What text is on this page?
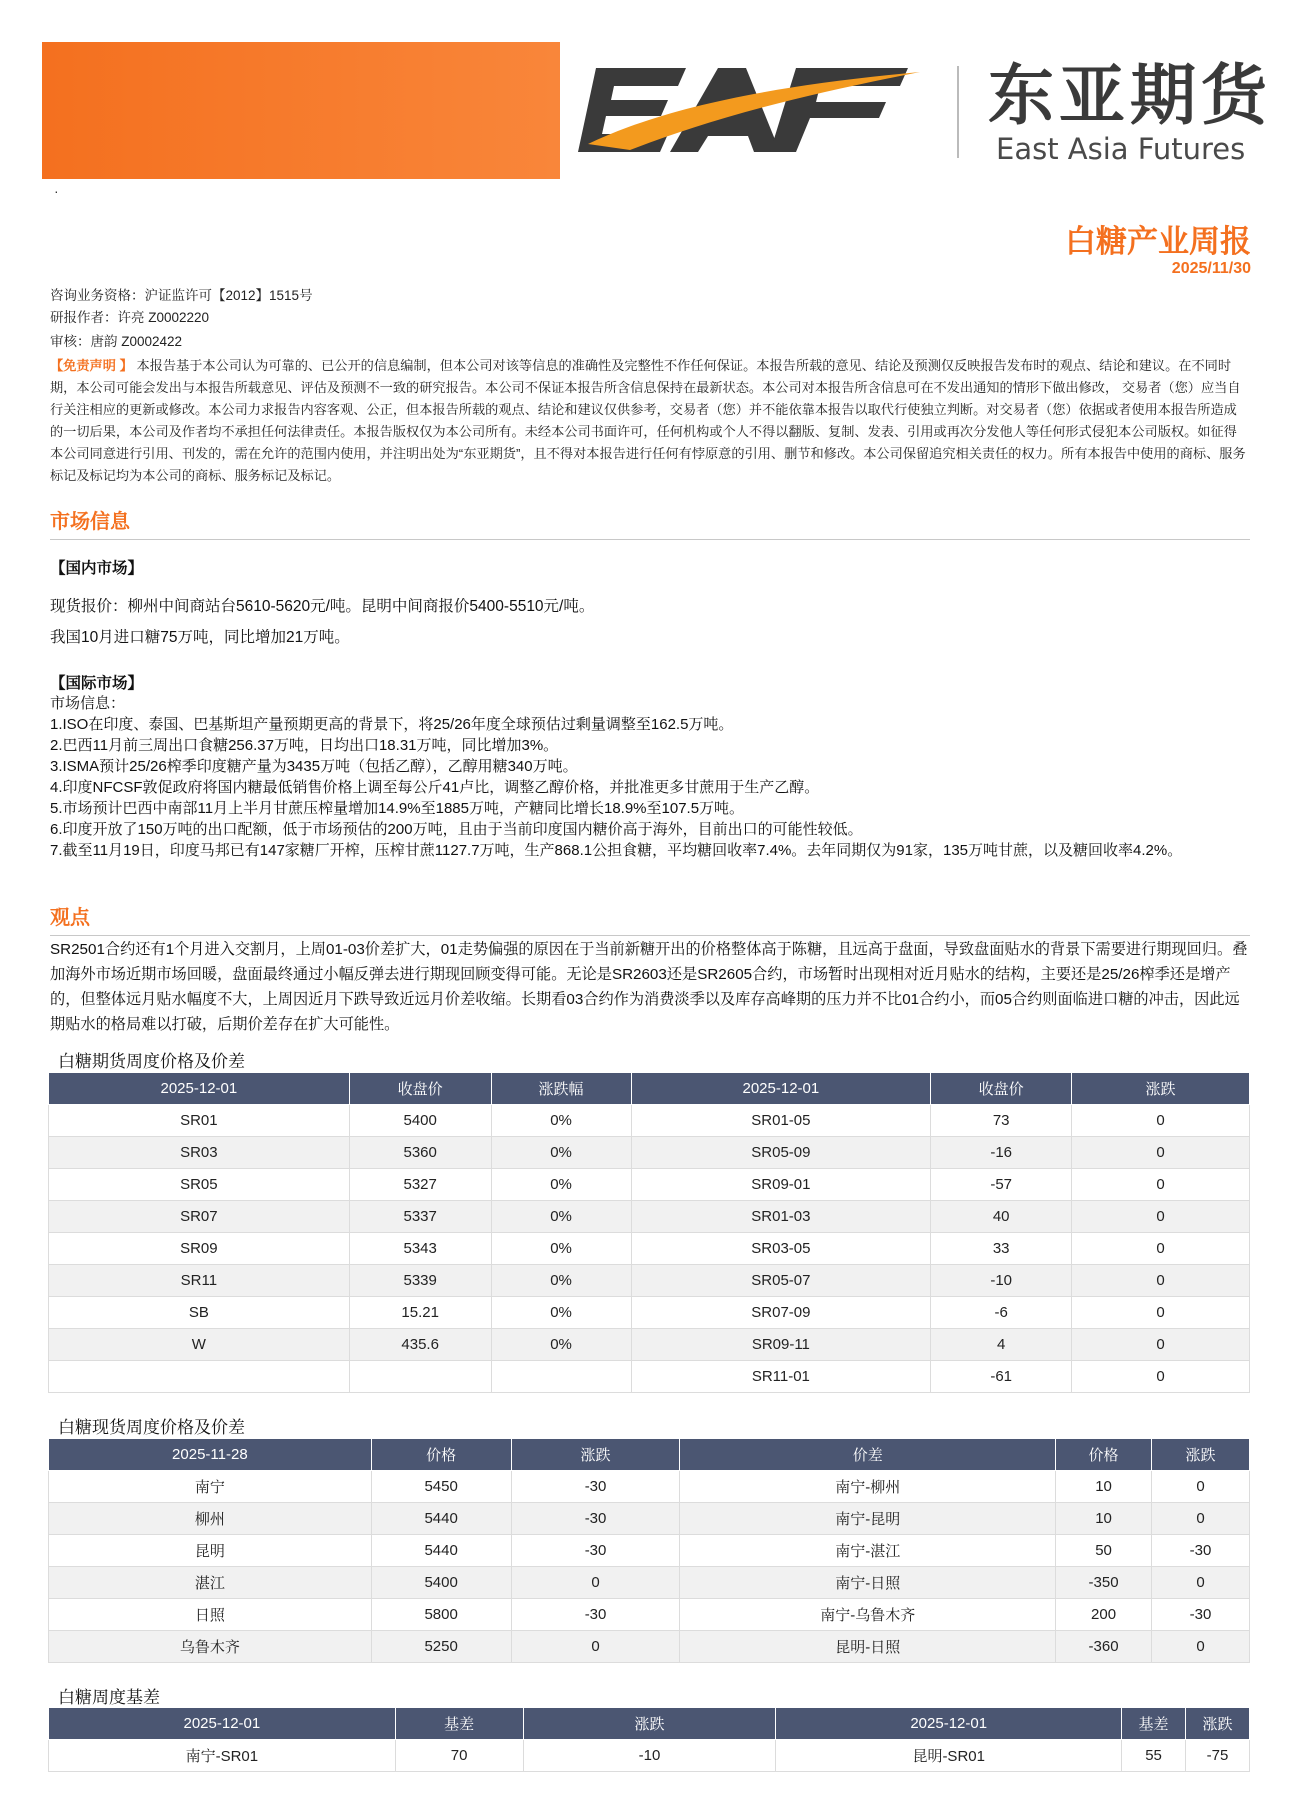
东亚期货
East Asia Futures
·
白糖产业周报
2025/11/30
咨询业务资格：沪证监许可【2012】1515号
研报作者：许亮 Z0002220
审核：唐韵 Z0002422
【免责声明 】 本报告基于本公司认为可靠的、已公开的信息编制，但本公司对该等信息的准确性及完整性不作任何保证。本报告所载的意见、结论及预测仅反映报告发布时的观点、结论和建议。在不同时期，本公司可能会发出与本报告所载意见、评估及预测不一致的研究报告。本公司不保证本报告所含信息保持在最新状态。本公司对本报告所含信息可在不发出通知的情形下做出修改， 交易者（您）应当自行关注相应的更新或修改。本公司力求报告内容客观、公正，但本报告所载的观点、结论和建议仅供参考，交易者（您）并不能依靠本报告以取代行使独立判断。对交易者（您）依据或者使用本报告所造成的一切后果，本公司及作者均不承担任何法律责任。本报告版权仅为本公司所有。未经本公司书面许可，任何机构或个人不得以翻版、复制、发表、引用或再次分发他人等任何形式侵犯本公司版权。如征得本公司同意进行引用、刊发的，需在允许的范围内使用，并注明出处为“东亚期货”，且不得对本报告进行任何有悖原意的引用、删节和修改。本公司保留追究相关责任的权力。所有本报告中使用的商标、服务标记及标记均为本公司的商标、服务标记及标记。
市场信息
【国内市场】
现货报价：柳州中间商站台5610-5620元/吨。昆明中间商报价5400-5510元/吨。
我国10月进口糖75万吨，同比增加21万吨。
【国际市场】
市场信息：
1.ISO在印度、泰国、巴基斯坦产量预期更高的背景下，将25/26年度全球预估过剩量调整至162.5万吨。
2.巴西11月前三周出口食糖256.37万吨，日均出口18.31万吨，同比增加3%。
3.ISMA预计25/26榨季印度糖产量为3435万吨（包括乙醇），乙醇用糖340万吨。
4.印度NFCSF敦促政府将国内糖最低销售价格上调至每公斤41卢比，调整乙醇价格，并批准更多甘蔗用于生产乙醇。
5.市场预计巴西中南部11月上半月甘蔗压榨量增加14.9%至1885万吨，产糖同比增长18.9%至107.5万吨。
6.印度开放了150万吨的出口配额，低于市场预估的200万吨，且由于当前印度国内糖价高于海外，目前出口的可能性较低。
7.截至11月19日，印度马邦已有147家糖厂开榨，压榨甘蔗1127.7万吨，生产868.1公担食糖，平均糖回收率7.4%。去年同期仅为91家，135万吨甘蔗，以及糖回收率4.2%。
观点
SR2501合约还有1个月进入交割月，上周01-03价差扩大，01走势偏强的原因在于当前新糖开出的价格整体高于陈糖，且远高于盘面，导致盘面贴水的背景下需要进行期现回归。叠加海外市场近期市场回暖，盘面最终通过小幅反弹去进行期现回顾变得可能。无论是SR2603还是SR2605合约，市场暂时出现相对近月贴水的结构，主要还是25/26榨季还是增产的，但整体远月贴水幅度不大，上周因近月下跌导致近远月价差收缩。长期看03合约作为消费淡季以及库存高峰期的压力并不比01合约小，而05合约则面临进口糖的冲击，因此远期贴水的格局难以打破，后期价差存在扩大可能性。
白糖期货周度价格及价差
2025-12-01	收盘价	涨跌幅	2025-12-01	收盘价	涨跌
SR01	5400	0%	SR01-05	73	0
SR03	5360	0%	SR05-09	-16	0
SR05	5327	0%	SR09-01	-57	0
SR07	5337	0%	SR01-03	40	0
SR09	5343	0%	SR03-05	33	0
SR11	5339	0%	SR05-07	-10	0
SB	15.21	0%	SR07-09	-6	0
W	435.6	0%	SR09-11	4	0
			SR11-01	-61	0
白糖现货周度价格及价差
2025-11-28	价格	涨跌	价差	价格	涨跌
南宁	5450	-30	南宁-柳州	10	0
柳州	5440	-30	南宁-昆明	10	0
昆明	5440	-30	南宁-湛江	50	-30
湛江	5400	0	南宁-日照	-350	0
日照	5800	-30	南宁-乌鲁木齐	200	-30
乌鲁木齐	5250	0	昆明-日照	-360	0
白糖周度基差
2025-12-01	基差	涨跌	2025-12-01	基差	涨跌
南宁-SR01	70	-10	昆明-SR01	55	-75
